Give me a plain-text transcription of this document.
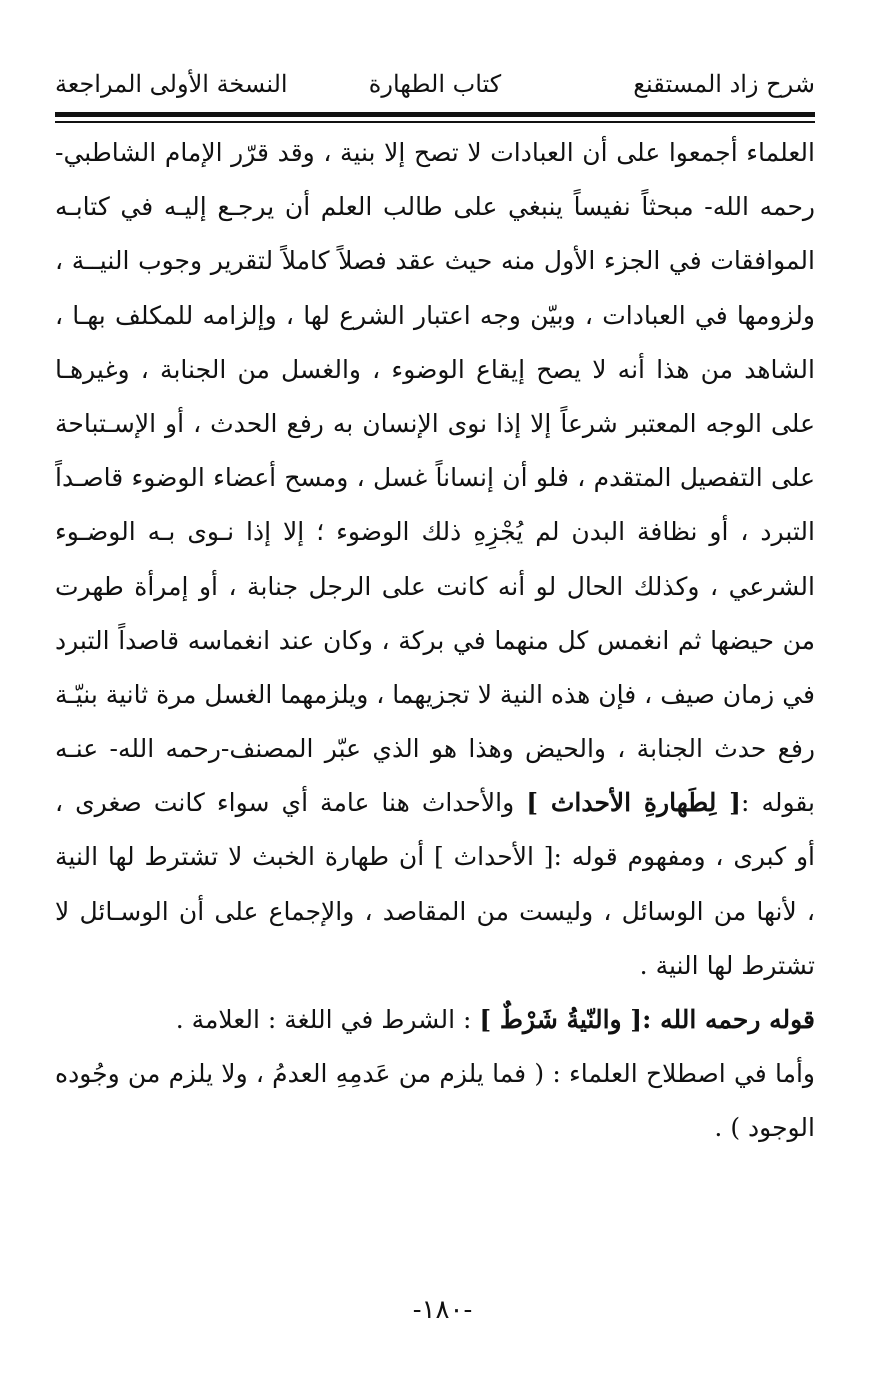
شرح زاد المستقنع
كتاب الطهارة
النسخة الأولى المراجعة
العلماء أجمعوا على أن العبادات لا تصح إلا بنية ، وقد قرّر الإمام الشاطبي-
رحمه الله- مبحثاً نفيساً ينبغي على طالب العلم أن يرجـع إليـه في كتابـه
الموافقات في الجزء الأول منه حيث عقد فصلاً كاملاً لتقرير وجوب النيــة ،
ولزومها في العبادات ، وبيّن وجه اعتبار الشرع لها ، وإلزامه للمكلف بهـا ،
الشاهد من هذا أنه لا يصح إيقاع الوضوء ، والغسل من الجنابة ، وغيرهـا
على الوجه المعتبر شرعاً إلا إذا نوى الإنسان به رفع الحدث ، أو الإسـتباحة
على التفصيل المتقدم ، فلو أن إنساناً غسل ، ومسح أعضاء الوضوء قاصـداً
التبرد ، أو نظافة البدن لم يُجْزِهِ ذلك الوضوء ؛ إلا إذا نـوى بـه الوضـوء
الشرعي ، وكذلك الحال لو أنه كانت على الرجل جنابة ، أو إمرأة طهرت
من حيضها ثم انغمس كل منهما في بركة ، وكان عند انغماسه قاصداً التبرد
في زمان صيف ، فإن هذه النية لا تجزيهما ، ويلزمهما الغسل مرة ثانية بنيّـة
رفع حدث الجنابة ، والحيض وهذا هو الذي عبّر المصنف-رحمه الله- عنـه
بقوله :[ لِطَهارةِ الأحداث ] والأحداث هنا عامة أي سواء كانت صغرى ،
أو كبرى ، ومفهوم قوله :[ الأحداث ] أن طهارة الخبث لا تشترط لها النية
، لأنها من الوسائل ، وليست من المقاصد ، والإجماع على أن الوسـائل لا
تشترط لها النية .
قوله رحمه الله :[ والنّيةُ شَرْطٌ ] : الشرط في اللغة : العلامة .
وأما في اصطلاح العلماء : ( فما يلزم من عَدمِهِ العدمُ ، ولا يلزم من وجُوده
الوجود ) .
-١٨٠-
